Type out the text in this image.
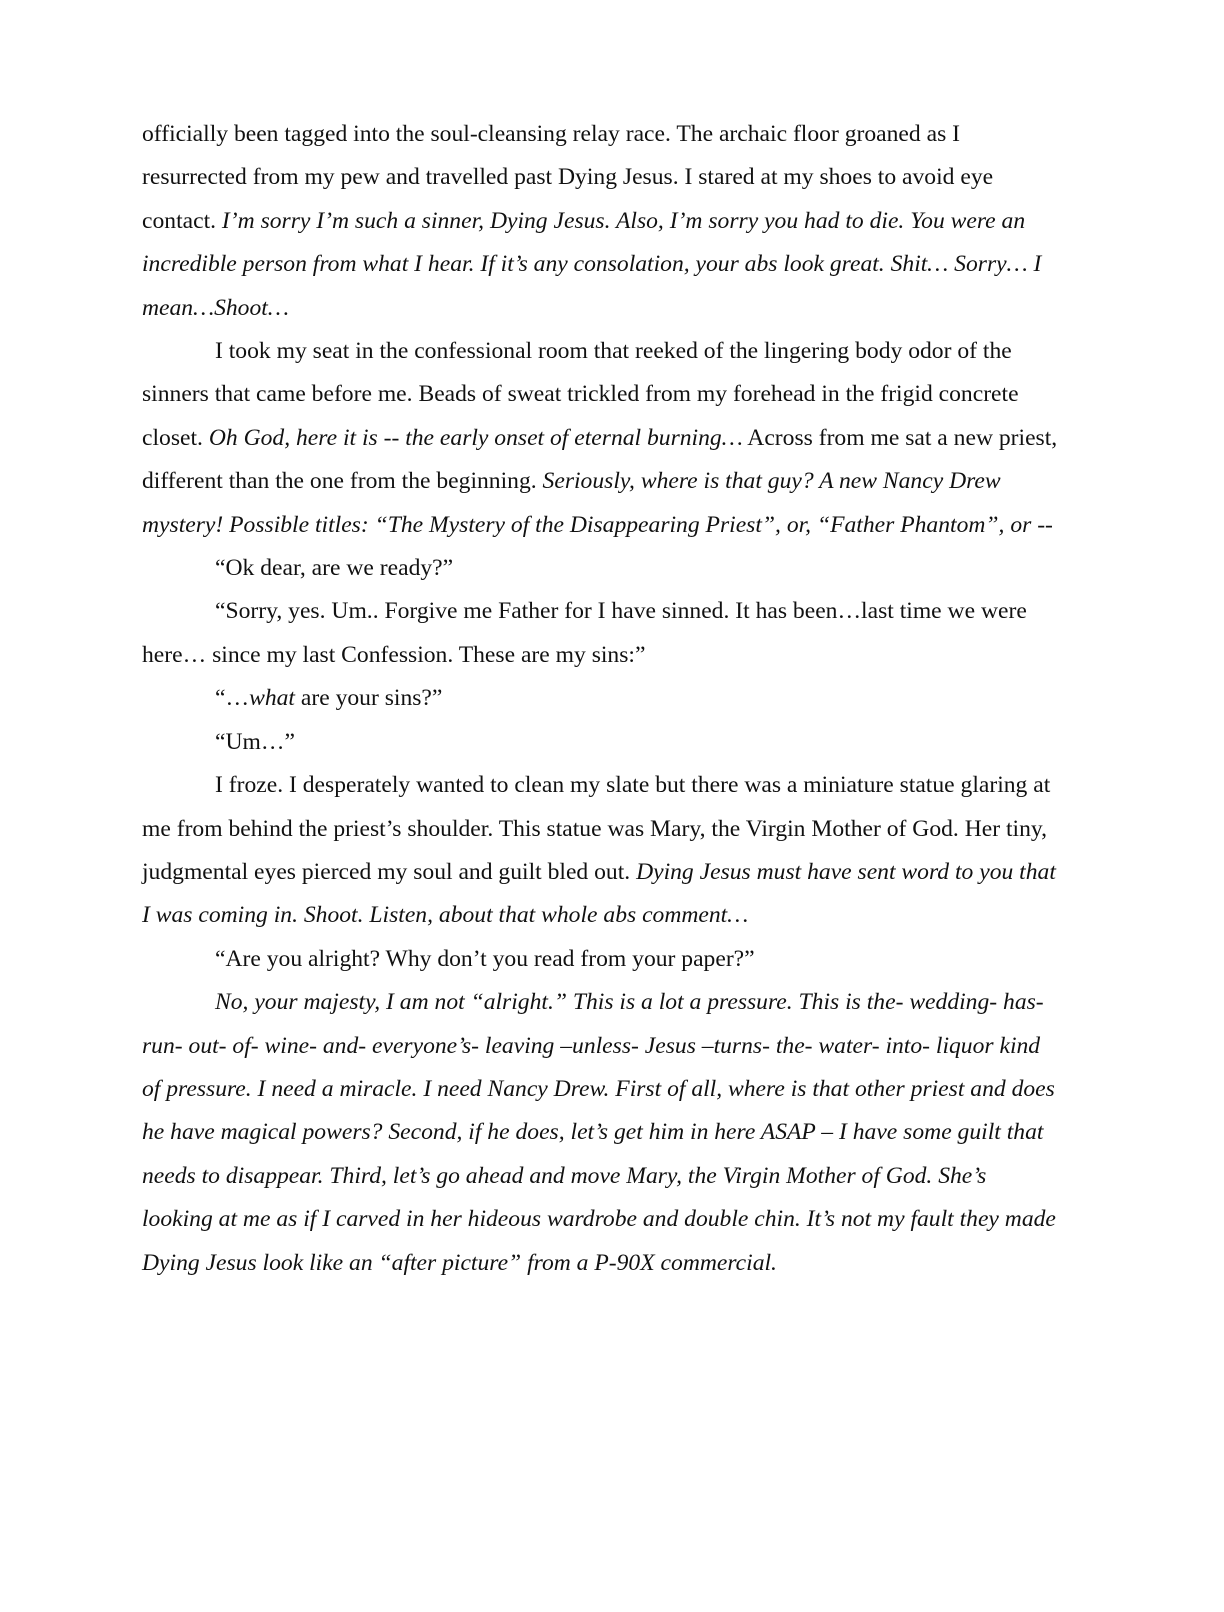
officially been tagged into the soul-cleansing relay race. The archaic floor groaned as I resurrected from my pew and travelled past Dying Jesus. I stared at my shoes to avoid eye contact. I’m sorry I’m such a sinner, Dying Jesus. Also, I’m sorry you had to die. You were an incredible person from what I hear. If it’s any consolation, your abs look great. Shit… Sorry… I mean…Shoot…

I took my seat in the confessional room that reeked of the lingering body odor of the sinners that came before me. Beads of sweat trickled from my forehead in the frigid concrete closet. Oh God, here it is -- the early onset of eternal burning… Across from me sat a new priest, different than the one from the beginning. Seriously, where is that guy? A new Nancy Drew mystery! Possible titles: “The Mystery of the Disappearing Priest”, or, “Father Phantom”, or --

“Ok dear, are we ready?”

“Sorry, yes. Um.. Forgive me Father for I have sinned. It has been…last time we were here… since my last Confession. These are my sins:”

“…what are your sins?”

“Um…”

I froze. I desperately wanted to clean my slate but there was a miniature statue glaring at me from behind the priest’s shoulder. This statue was Mary, the Virgin Mother of God. Her tiny, judgmental eyes pierced my soul and guilt bled out. Dying Jesus must have sent word to you that I was coming in. Shoot. Listen, about that whole abs comment…

“Are you alright? Why don’t you read from your paper?”

No, your majesty, I am not “alright.” This is a lot a pressure. This is the- wedding- has- run- out- of- wine- and- everyone’s- leaving –unless- Jesus –turns- the- water- into- liquor kind of pressure. I need a miracle. I need Nancy Drew. First of all, where is that other priest and does he have magical powers? Second, if he does, let’s get him in here ASAP – I have some guilt that needs to disappear. Third, let’s go ahead and move Mary, the Virgin Mother of God. She’s looking at me as if I carved in her hideous wardrobe and double chin. It’s not my fault they made Dying Jesus look like an “after picture” from a P-90X commercial.
